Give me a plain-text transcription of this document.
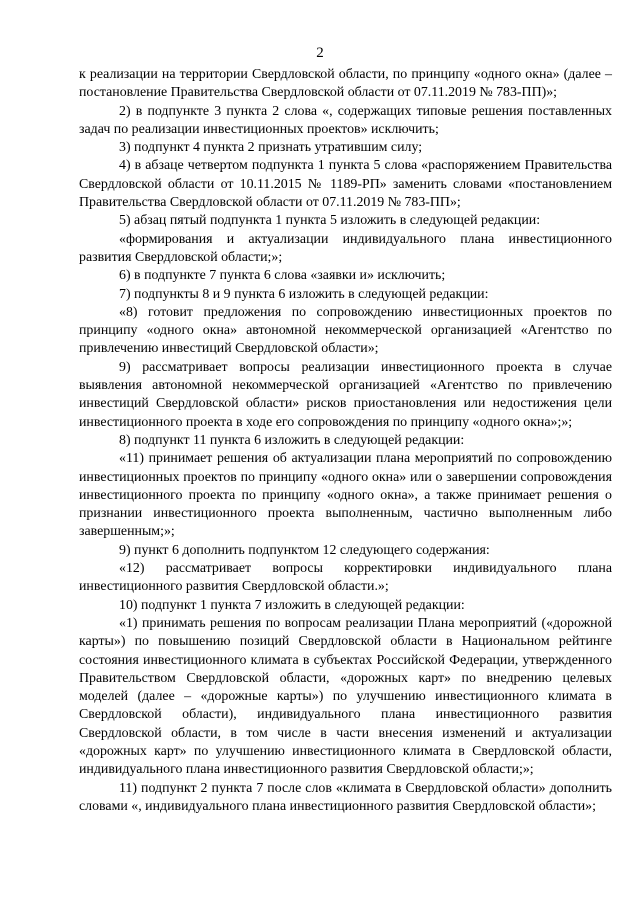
2

к реализации на территории Свердловской области, по принципу «одного окна» (далее – постановление Правительства Свердловской области от 07.11.2019 № 783-ПП)»;

2) в подпункте 3 пункта 2 слова «, содержащих типовые решения поставленных задач по реализации инвестиционных проектов» исключить;

3) подпункт 4 пункта 2 признать утратившим силу;

4) в абзаце четвертом подпункта 1 пункта 5 слова «распоряжением Правительства Свердловской области от 10.11.2015 № 1189-РП» заменить словами «постановлением Правительства Свердловской области от 07.11.2019 № 783-ПП»;

5) абзац пятый подпункта 1 пункта 5 изложить в следующей редакции:

«формирования и актуализации индивидуального плана инвестиционного развития Свердловской области;»;

6) в подпункте 7 пункта 6 слова «заявки и» исключить;

7) подпункты 8 и 9 пункта 6 изложить в следующей редакции:

«8) готовит предложения по сопровождению инвестиционных проектов по принципу «одного окна» автономной некоммерческой организацией «Агентство по привлечению инвестиций Свердловской области»;

9) рассматривает вопросы реализации инвестиционного проекта в случае выявления автономной некоммерческой организацией «Агентство по привлечению инвестиций Свердловской области» рисков приостановления или недостижения цели инвестиционного проекта в ходе его сопровождения по принципу «одного окна»;»;

8) подпункт 11 пункта 6 изложить в следующей редакции:

«11) принимает решения об актуализации плана мероприятий по сопровождению инвестиционных проектов по принципу «одного окна» или о завершении сопровождения инвестиционного проекта по принципу «одного окна», а также принимает решения о признании инвестиционного проекта выполненным, частично выполненным либо завершенным;»;

9) пункт 6 дополнить подпунктом 12 следующего содержания:

«12) рассматривает вопросы корректировки индивидуального плана инвестиционного развития Свердловской области.»;

10) подпункт 1 пункта 7 изложить в следующей редакции:

«1) принимать решения по вопросам реализации Плана мероприятий («дорожной карты») по повышению позиций Свердловской области в Национальном рейтинге состояния инвестиционного климата в субъектах Российской Федерации, утвержденного Правительством Свердловской области, «дорожных карт» по внедрению целевых моделей (далее – «дорожные карты») по улучшению инвестиционного климата в Свердловской области), индивидуального плана инвестиционного развития Свердловской области, в том числе в части внесения изменений и актуализации «дорожных карт» по улучшению инвестиционного климата в Свердловской области, индивидуального плана инвестиционного развития Свердловской области;»;

11) подпункт 2 пункта 7 после слов «климата в Свердловской области» дополнить словами «, индивидуального плана инвестиционного развития Свердловской области»;
